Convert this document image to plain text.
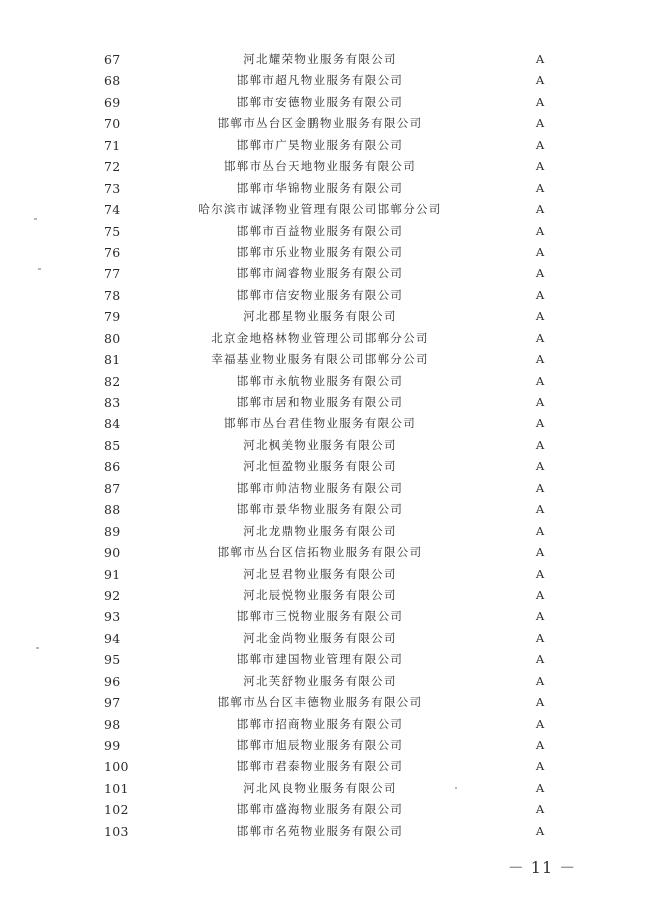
67	河北耀荣物业服务有限公司	A
68	邯郸市超凡物业服务有限公司	A
69	邯郸市安德物业服务有限公司	A
70	邯郸市丛台区金鹏物业服务有限公司	A
71	邯郸市广昊物业服务有限公司	A
72	邯郸市丛台天地物业服务有限公司	A
73	邯郸市华锦物业服务有限公司	A
74	哈尔滨市诚泽物业管理有限公司邯郸分公司	A
75	邯郸市百益物业服务有限公司	A
76	邯郸市乐业物业服务有限公司	A
77	邯郸市阔睿物业服务有限公司	A
78	邯郸市信安物业服务有限公司	A
79	河北郡星物业服务有限公司	A
80	北京金地格林物业管理公司邯郸分公司	A
81	幸福基业物业服务有限公司邯郸分公司	A
82	邯郸市永航物业服务有限公司	A
83	邯郸市居和物业服务有限公司	A
84	邯郸市丛台君佳物业服务有限公司	A
85	河北枫美物业服务有限公司	A
86	河北恒盈物业服务有限公司	A
87	邯郸市帅洁物业服务有限公司	A
88	邯郸市景华物业服务有限公司	A
89	河北龙鼎物业服务有限公司	A
90	邯郸市丛台区信拓物业服务有限公司	A
91	河北昱君物业服务有限公司	A
92	河北辰悦物业服务有限公司	A
93	邯郸市三悦物业服务有限公司	A
94	河北金尚物业服务有限公司	A
95	邯郸市建国物业管理有限公司	A
96	河北芙舒物业服务有限公司	A
97	邯郸市丛台区丰德物业服务有限公司	A
98	邯郸市招商物业服务有限公司	A
99	邯郸市旭辰物业服务有限公司	A
100	邯郸市君泰物业服务有限公司	A
101	河北风良物业服务有限公司	A
102	邯郸市盛海物业服务有限公司	A
103	邯郸市名苑物业服务有限公司	A
－ 11 －
